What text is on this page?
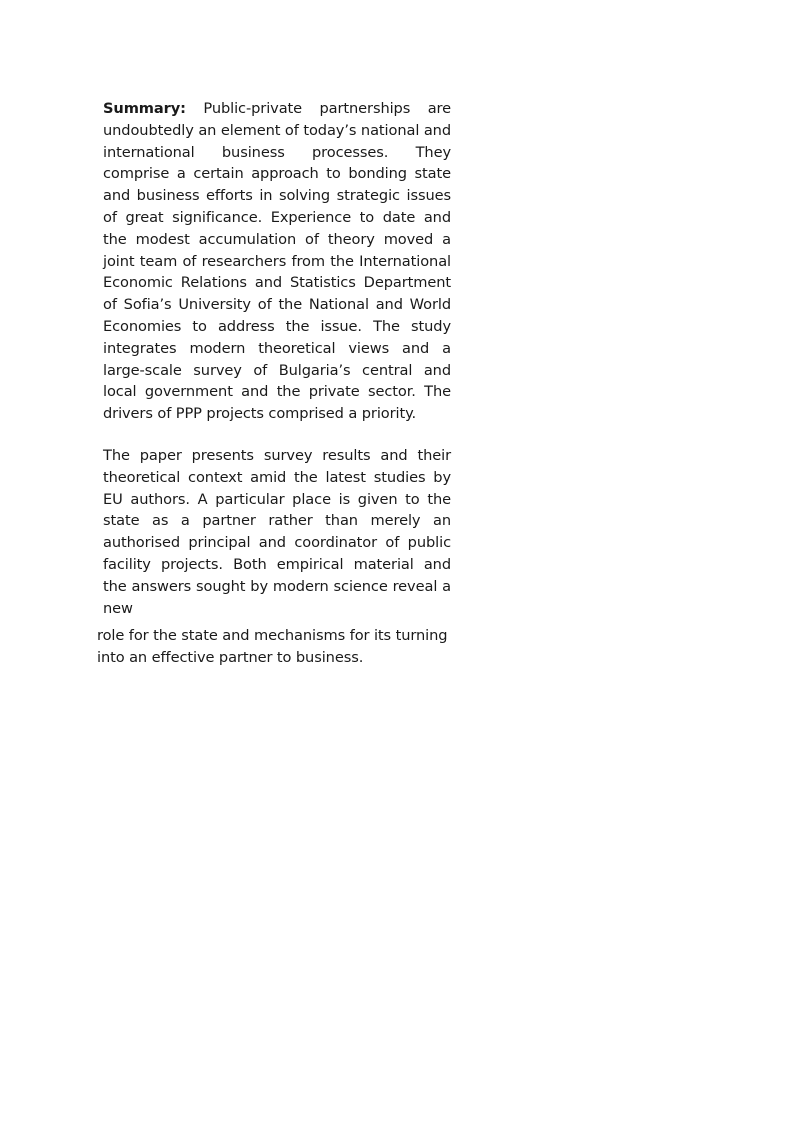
Summary: Public-private partnerships are undoubtedly an element of today’s national and international business processes. They comprise a certain approach to bonding state and business efforts in solving strategic issues of great significance. Experience to date and the modest accumulation of theory moved a joint team of researchers from the International Economic Relations and Statistics Department of Sofia’s University of the National and World Economies to address the issue. The study integrates modern theoretical views and a large-scale survey of Bulgaria’s central and local government and the private sector. The drivers of PPP projects comprised a priority.

The paper presents survey results and their theoretical context amid the latest studies by EU authors. A particular place is given to the state as a partner rather than merely an authorised principal and coordinator of public facility projects. Both empirical material and the answers sought by modern science reveal a new

role for the state and mechanisms for its turning into an effective partner to business.
